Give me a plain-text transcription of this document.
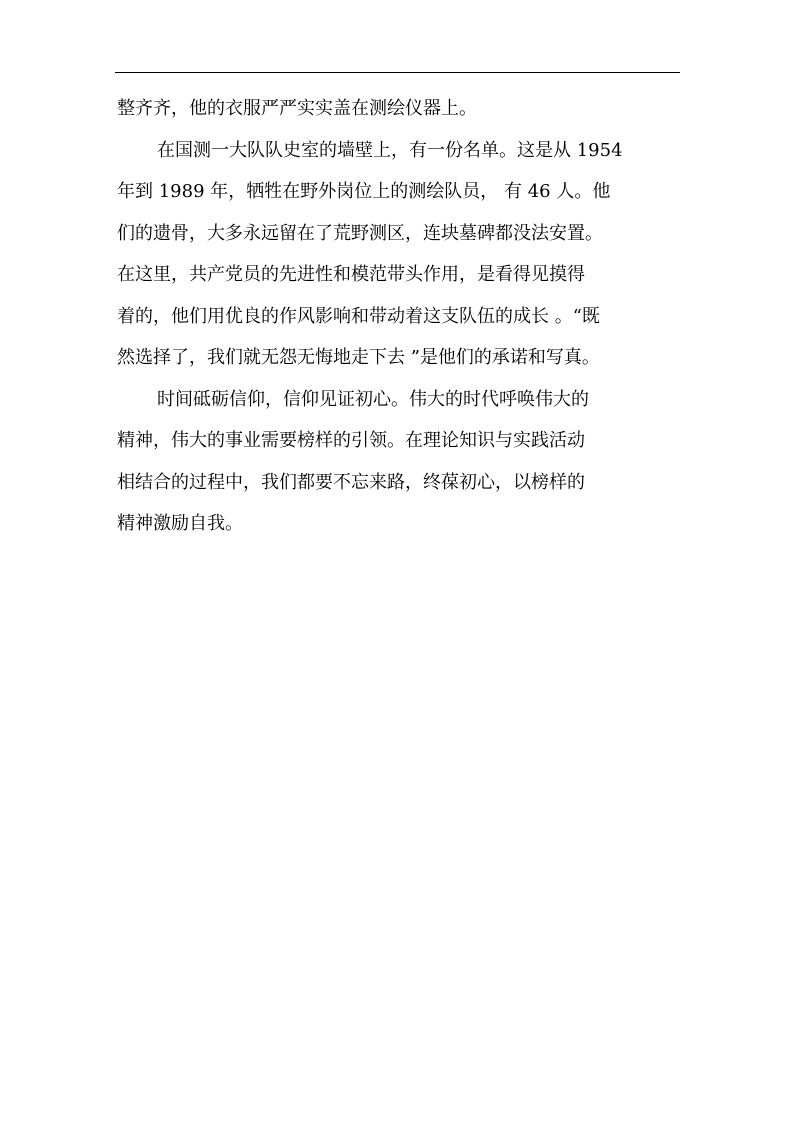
整齐齐，他的衣服严严实实盖在测绘仪器上。
在国测一大队队史室的墙壁上，有一份名单。这是从 1954
年到 1989 年，牺牲在野外岗位上的测绘队员， 有 46 人。他
们的遗骨，大多永远留在了荒野测区，连块墓碑都没法安置。
在这里，共产党员的先进性和模范带头作用，是看得见摸得
着的，他们用优良的作风影响和带动着这支队伍的成长 。“既
然选择了，我们就无怨无悔地走下去 ”是他们的承诺和写真。
时间砥砺信仰，信仰见证初心。伟大的时代呼唤伟大的
精神，伟大的事业需要榜样的引领。在理论知识与实践活动
相结合的过程中，我们都要不忘来路，终葆初心，以榜样的
精神激励自我。
